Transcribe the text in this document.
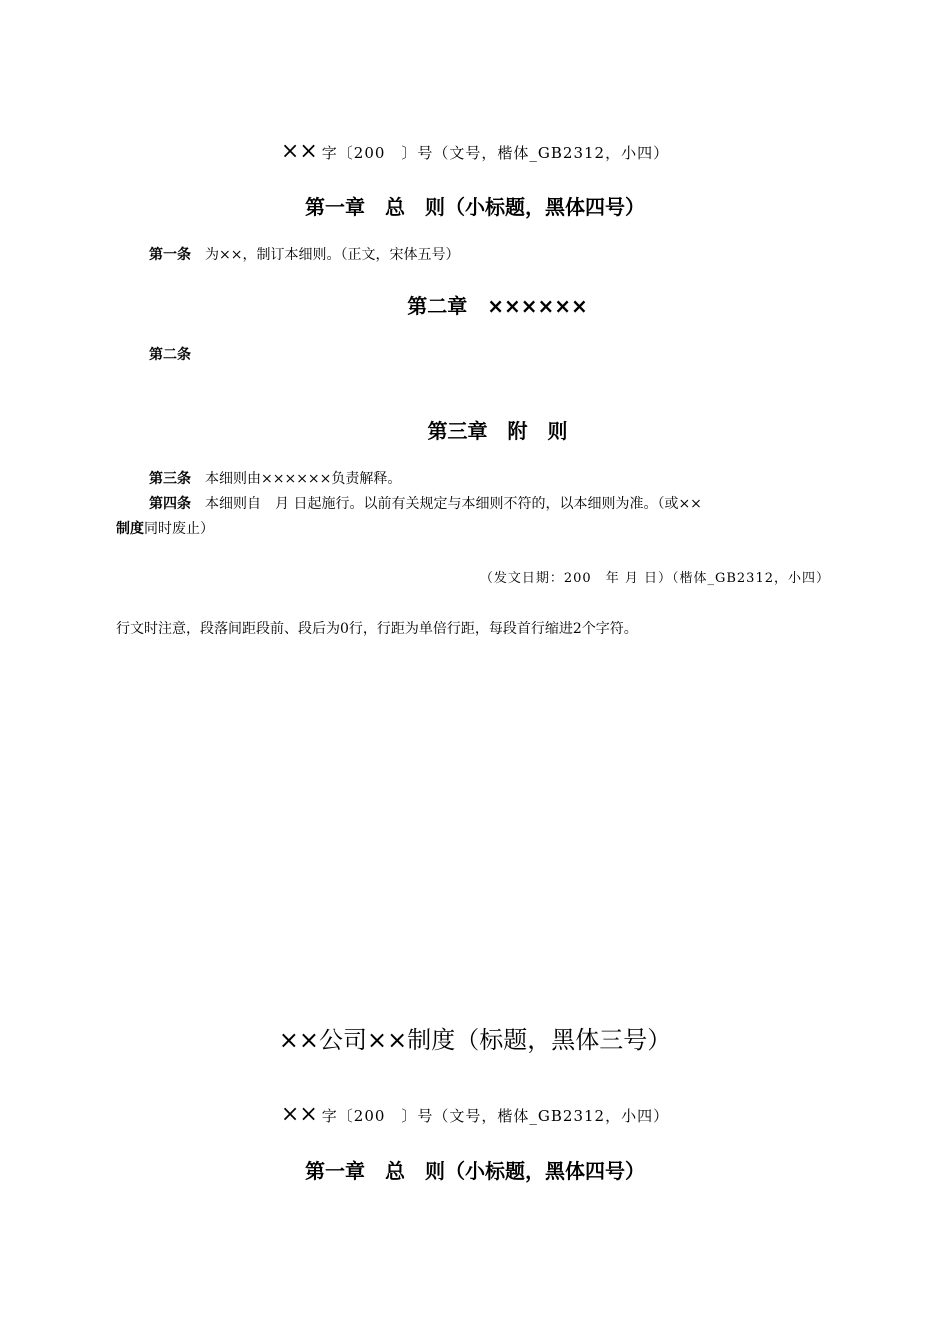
×× 字〔200　〕号（文号，楷体_GB2312，小四）
第一章　总　则（小标题，黑体四号）
第一条 为××，制订本细则。（正文，宋体五号）
第二章　××××××
第二条
第三章　附　则
第三条 本细则由××××××负责解释。
第四条 本细则自　月 日起施行。以前有关规定与本细则不符的，以本细则为准。（或××
制度同时废止）
（发文日期：200　年 月 日）（楷体_GB2312，小四）
行文时注意，段落间距段前、段后为0行，行距为单倍行距，每段首行缩进2个字符。
××公司××制度（标题，黑体三号）
×× 字〔200　〕号（文号，楷体_GB2312，小四）
第一章　总　则（小标题，黑体四号）
